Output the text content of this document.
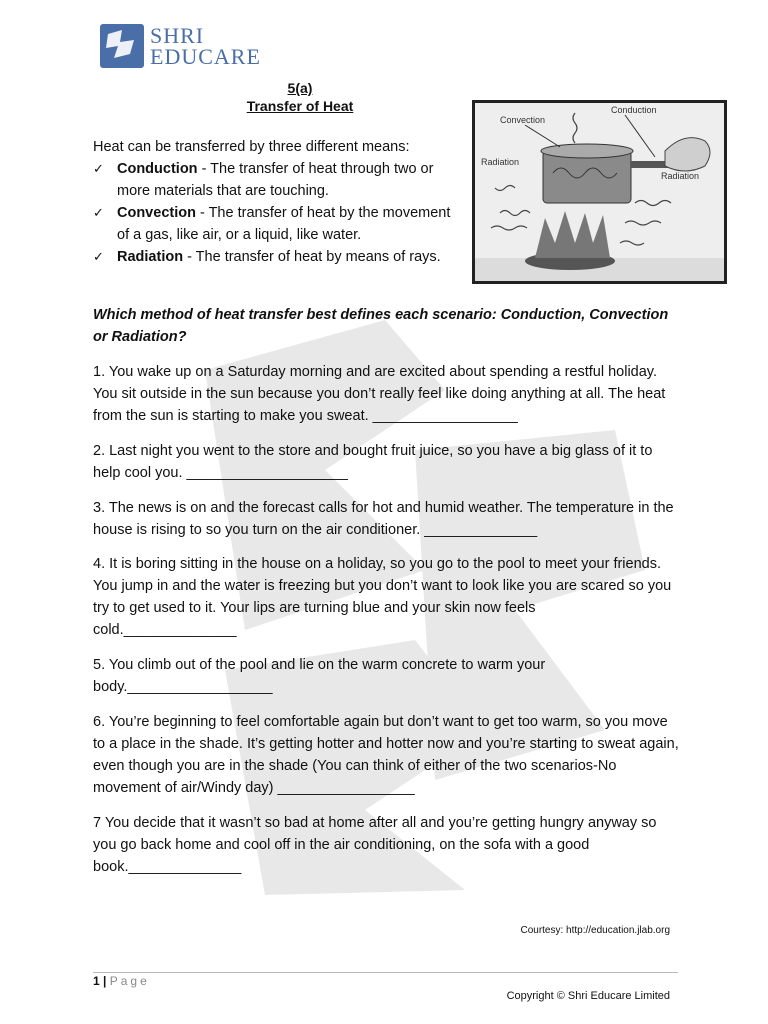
SHRI
EDUCARE
5(a)
Transfer of Heat
Heat can be transferred by three different means:
✓ Conduction - The transfer of heat through two or more materials that are touching.
✓ Convection - The transfer of heat by the movement of a gas, like air, or a liquid, like water.
✓ Radiation - The transfer of heat by means of rays.
Convection
Conduction
Radiation
Radiation
Which method of heat transfer best defines each scenario: Conduction, Convection or Radiation?
1. You wake up on a Saturday morning and are excited about spending a restful holiday. You sit outside in the sun because you don’t really feel like doing anything at all. The heat from the sun is starting to make you sweat. __________________
2. Last night you went to the store and bought fruit juice, so you have a big glass of it to help cool you. ____________________
3. The news is on and the forecast calls for hot and humid weather. The temperature in the house is rising to so you turn on the air conditioner. ______________
4. It is boring sitting in the house on a holiday, so you go to the pool to meet your friends. You jump in and the water is freezing but you don’t want to look like you are scared so you try to get used to it. Your lips are turning blue and your skin now feels cold.______________
5. You climb out of the pool and lie on the warm concrete to warm your body.__________________
6. You’re beginning to feel comfortable again but don’t want to get too warm, so you move to a place in the shade. It’s getting hotter and hotter now and you’re starting to sweat again, even though you are in the shade (You can think of either of the two scenarios-No movement of air/Windy day) _________________
7 You decide that it wasn’t so bad at home after all and you’re getting hungry anyway so you go back home and cool off in the air conditioning, on the sofa with a good book.______________
Courtesy: http://education.jlab.org
1 | Page
Copyright © Shri Educare Limited
